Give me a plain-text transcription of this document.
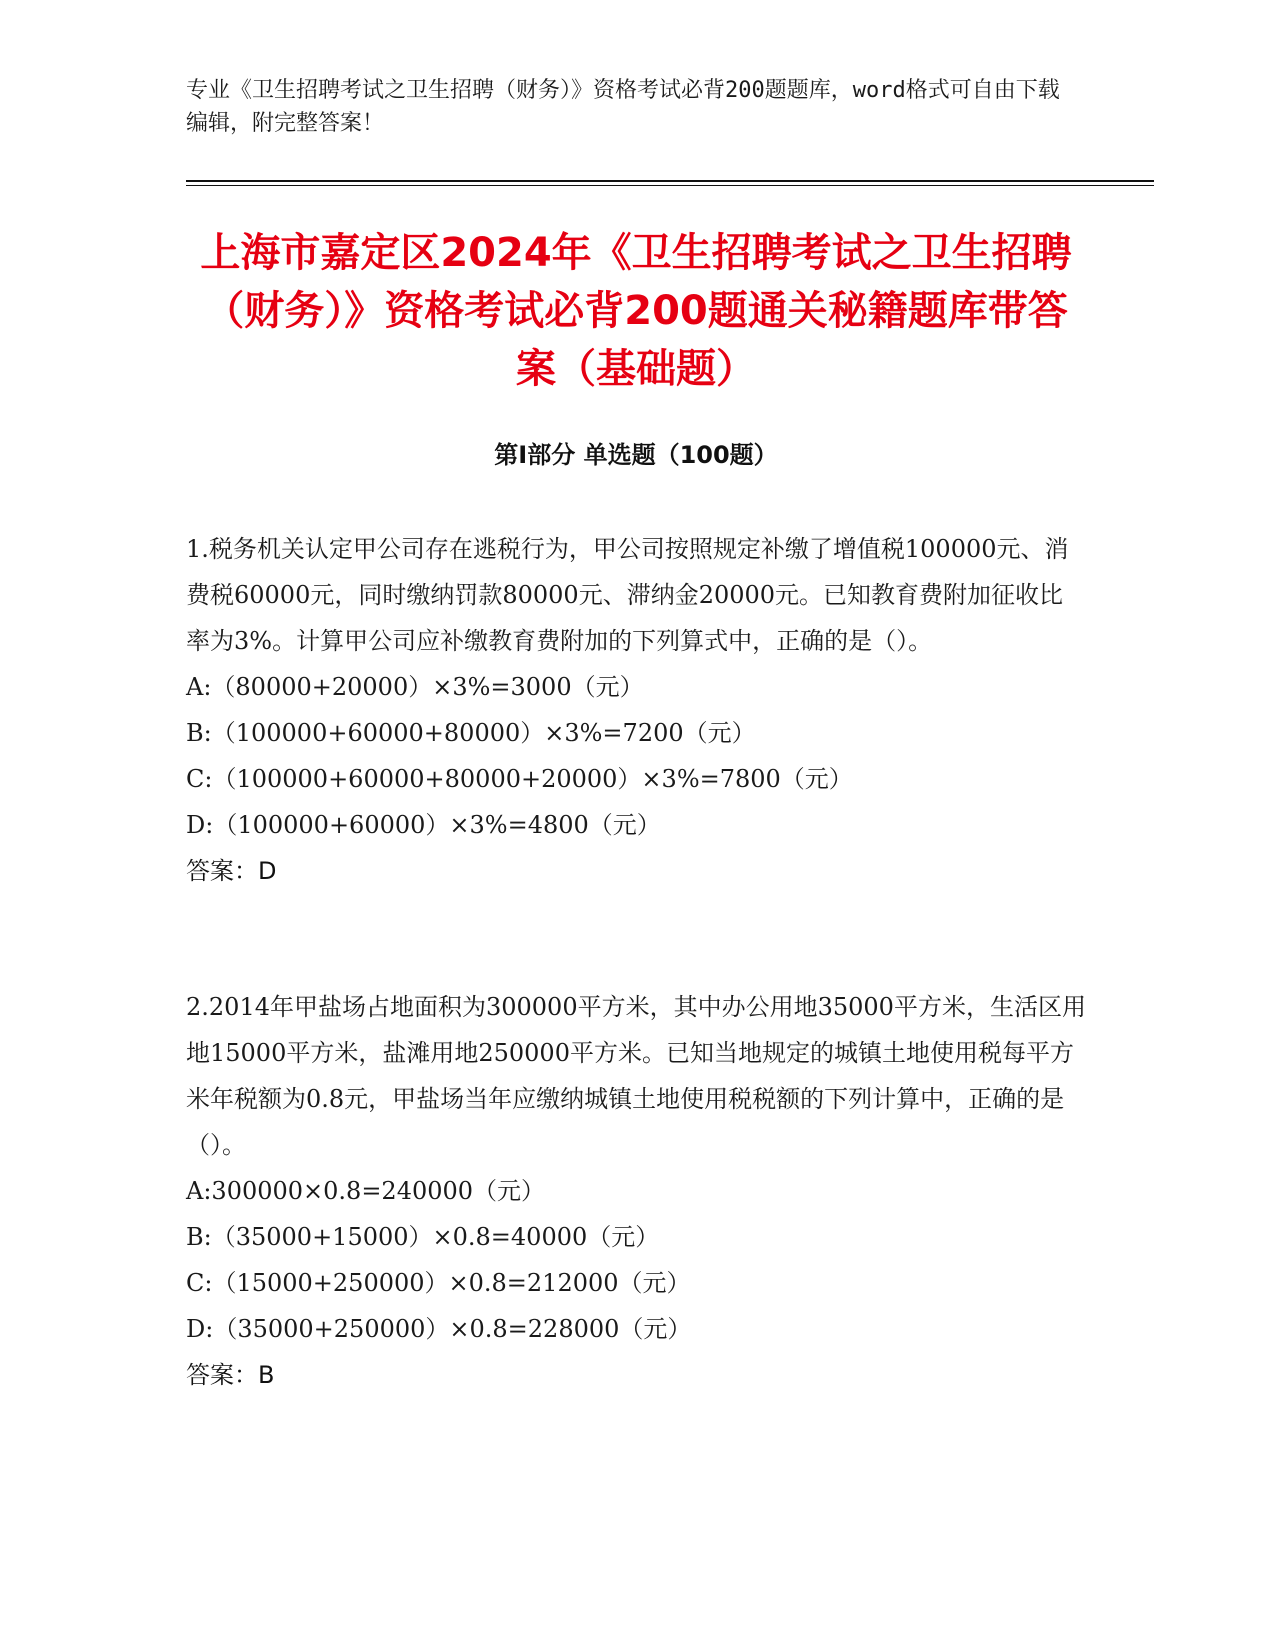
专业《卫生招聘考试之卫生招聘（财务）》资格考试必背200题题库，word格式可自由下载编辑，附完整答案！

上海市嘉定区2024年《卫生招聘考试之卫生招聘（财务）》资格考试必背200题通关秘籍题库带答案（基础题）
第Ⅰ部分 单选题（100题）

1.税务机关认定甲公司存在逃税行为，甲公司按照规定补缴了增值税100000元、消费税60000元，同时缴纳罚款80000元、滞纳金20000元。已知教育费附加征收比率为3%。计算甲公司应补缴教育费附加的下列算式中，正确的是（）。

A:（80000+20000）×3%=3000（元）

B:（100000+60000+80000）×3%=7200（元）

C:（100000+60000+80000+20000）×3%=7800（元）

D:（100000+60000）×3%=4800（元）

答案：D

2.2014年甲盐场占地面积为300000平方米，其中办公用地35000平方米，生活区用地15000平方米，盐滩用地250000平方米。已知当地规定的城镇土地使用税每平方米年税额为0.8元，甲盐场当年应缴纳城镇土地使用税税额的下列计算中，正确的是（）。

A:300000×0.8=240000（元）

B:（35000+15000）×0.8=40000（元）

C:（15000+250000）×0.8=212000（元）

D:（35000+250000）×0.8=228000（元）

答案：B
